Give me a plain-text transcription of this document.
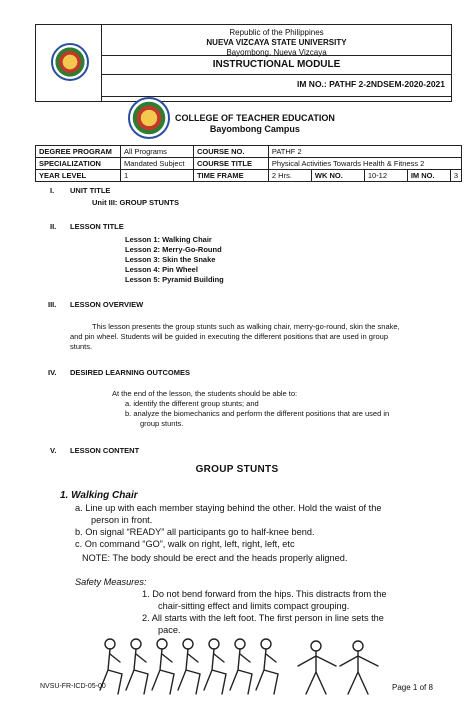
Republic of the Philippines
NUEVA VIZCAYA STATE UNIVERSITY
Bayombong, Nueva Vizcaya
INSTRUCTIONAL MODULE
IM NO.: PATHF 2-2NDSEM-2020-2021
COLLEGE OF TEACHER EDUCATION
Bayombong Campus
DEGREE PROGRAM	All Programs	COURSE NO.	PATHF 2				
SPECIALIZATION	Mandated Subject	COURSE TITLE	Physical Activities Towards Health & Fitness 2				
YEAR LEVEL	1	TIME FRAME	2 Hrs.	WK NO.	10-12	IM NO.	3
I. UNIT TITLE
Unit III: GROUP STUNTS
II. LESSON TITLE
Lesson 1: Walking Chair
Lesson 2: Merry-Go-Round
Lesson 3: Skin the Snake
Lesson 4: Pin Wheel
Lesson 5: Pyramid Building
III. LESSON OVERVIEW
This lesson presents the group stunts such as walking chair, merry-go-round, skin the snake,
and pin wheel. Students will be guided in executing the different positions that are used in group
stunts.
IV. DESIRED LEARNING OUTCOMES
At the end of the lesson, the students should be able to:
a. identify the different group stunts; and
b. analyze the biomechanics and perform the different positions that are used in
group stunts.
V. LESSON CONTENT
GROUP STUNTS
1. Walking Chair
a. Line up with each member staying behind the other. Hold the waist of the
person in front.
b. On signal “READY” all participants go to half-knee bend.
c. On command “GO”, walk on right, left, right, left, etc
NOTE: The body should be erect and the heads properly aligned.
Safety Measures:
1. Do not bend forward from the hips. This distracts from the
chair-sitting effect and limits compact grouping.
2. All starts with the left foot. The first person in line sets the
pace.
NVSU-FR-ICD-05-00	Page 1 of 8
